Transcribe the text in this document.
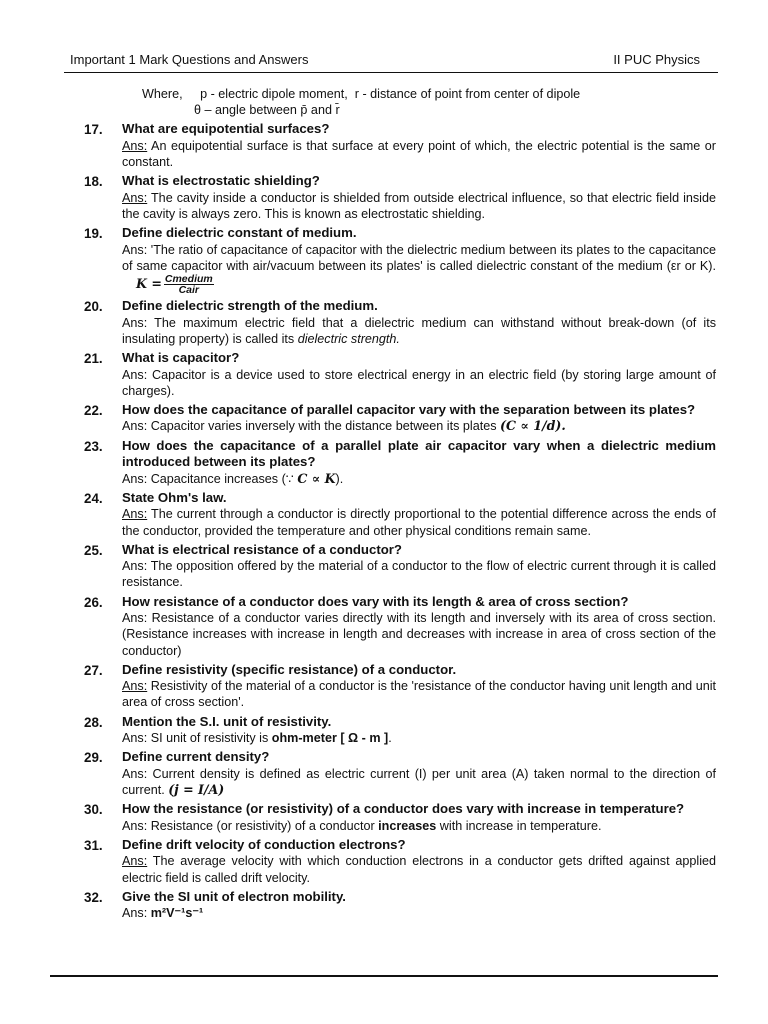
Important 1 Mark Questions and Answers	II PUC Physics
Where,     p - electric dipole moment,  r - distance of point from center of dipole
θ – angle between p̄ and r̄
17.	What are equipotential surfaces?
Ans: An equipotential surface is that surface at every point of which, the electric potential is the same or constant.
18.	What is electrostatic shielding?
Ans: The cavity inside a conductor is shielded from outside electrical influence, so that electric field inside the cavity is always zero. This is known as electrostatic shielding.
19.	Define dielectric constant of medium.
Ans: 'The ratio of capacitance of capacitor with the dielectric medium between its plates to the capacitance of same capacitor with air/vacuum between its plates' is called dielectric constant of the medium (εr or $K).K = \frac{\text{Cmedium}}{\text{Cair}}$
20.	Define dielectric strength of the medium.
Ans: The maximum electric field that a dielectric medium can withstand without break-down (of its insulating property) is called its dielectric strength.
21.	What is capacitor?
Ans: Capacitor is a device used to store electrical energy in an electric field (by storing large amount of charges).
22.	How does the capacitance of parallel capacitor vary with the separation between its plates?
Ans: Capacitor varies inversely with the distance between its plates (C ∝ 1/d).
23.	How does the capacitance of a parallel plate air capacitor vary when a dielectric medium introduced between its plates?
Ans: Capacitance increases (∵ C ∝ K).
24.	State Ohm's law.
Ans: The current through a conductor is directly proportional to the potential difference across the ends of the conductor, provided the temperature and other physical conditions remain same.
25.	What is electrical resistance of a conductor?
Ans: The opposition offered by the material of a conductor to the flow of electric current through it is called resistance.
26.	How resistance of a conductor does vary with its length & area of cross section?
Ans: Resistance of a conductor varies directly with its length and inversely with its area of cross section. (Resistance increases with increase in length and decreases with increase in area of cross section of the conductor)
27.	Define resistivity (specific resistance) of a conductor.
Ans: Resistivity of the material of a conductor is the 'resistance of the conductor having unit length and unit area of cross section'.
28.	Mention the S.I. unit of resistivity.
Ans: SI unit of resistivity is ohm-meter [ Ω - m ].
29.	Define current density?
Ans: Current density is defined as electric current (I) per unit area (A) taken normal to the direction of current. (j = I/A)
30.	How the resistance (or resistivity) of a conductor does vary with increase in temperature?
Ans: Resistance (or resistivity) of a conductor increases with increase in temperature.
31.	Define drift velocity of conduction electrons?
Ans: The average velocity with which conduction electrons in a conductor gets drifted against applied electric field is called drift velocity.
32.	Give the SI unit of electron mobility.
Ans: m²V⁻¹s⁻¹
